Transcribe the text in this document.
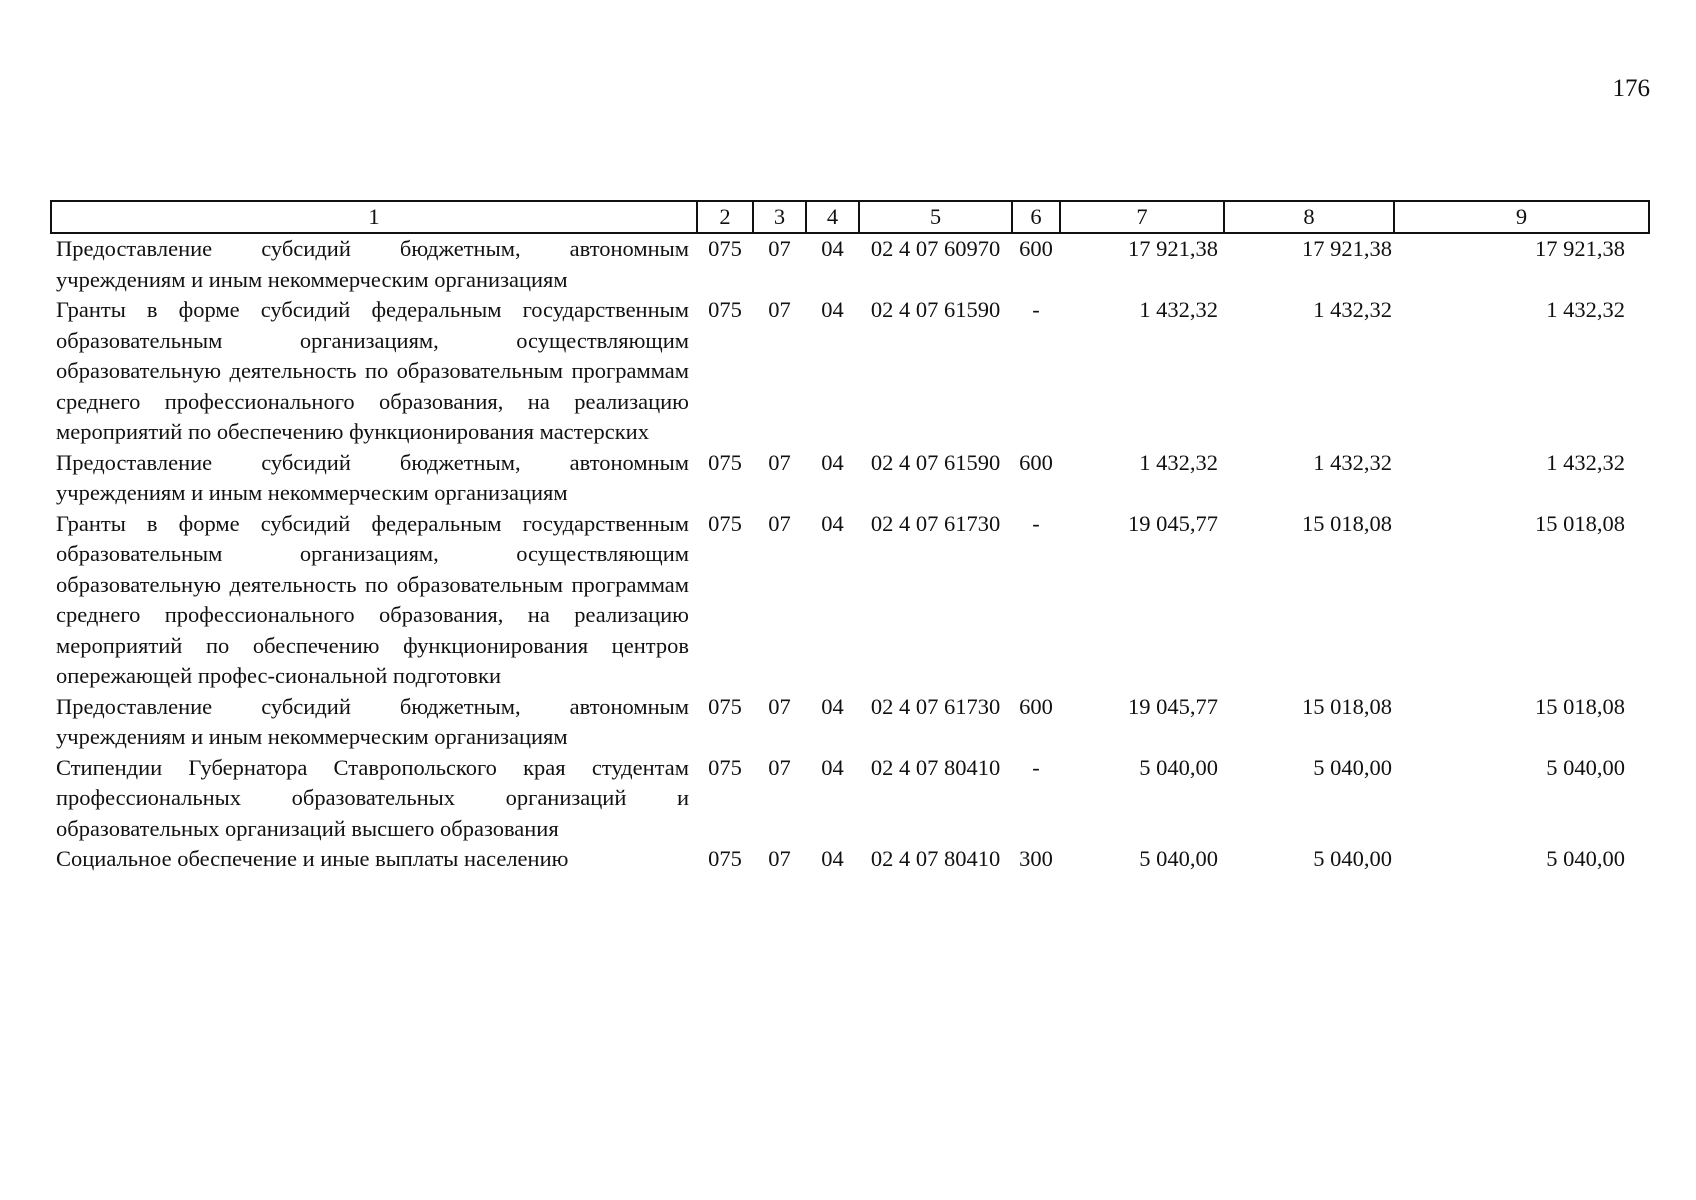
176
1	2	3	4	5	6	7	8	9
Предоставление субсидий бюджетным, автономным учреждениям и иным некоммерческим организациям	075	07	04	02 4 07 60970	600	17 921,38	17 921,38	17 921,38
Гранты в форме субсидий федеральным государственным образовательным организациям, осуществляющим образовательную деятельность по образовательным программам среднего профессионального образования, на реализацию мероприятий по обеспечению функционирования мастерских	075	07	04	02 4 07 61590	-	1 432,32	1 432,32	1 432,32
Предоставление субсидий бюджетным, автономным учреждениям и иным некоммерческим организациям	075	07	04	02 4 07 61590	600	1 432,32	1 432,32	1 432,32
Гранты в форме субсидий федеральным государственным образовательным организациям, осуществляющим образовательную деятельность по образовательным программам среднего профессионального образования, на реализацию мероприятий по обеспечению функционирования центров опережающей профес-сиональной подготовки	075	07	04	02 4 07 61730	-	19 045,77	15 018,08	15 018,08
Предоставление субсидий бюджетным, автономным учреждениям и иным некоммерческим организациям	075	07	04	02 4 07 61730	600	19 045,77	15 018,08	15 018,08
Стипендии Губернатора Ставропольского края студентам профессиональных образовательных организаций и образовательных организаций высшего образования	075	07	04	02 4 07 80410	-	5 040,00	5 040,00	5 040,00
Социальное обеспечение и иные выплаты населению	075	07	04	02 4 07 80410	300	5 040,00	5 040,00	5 040,00
